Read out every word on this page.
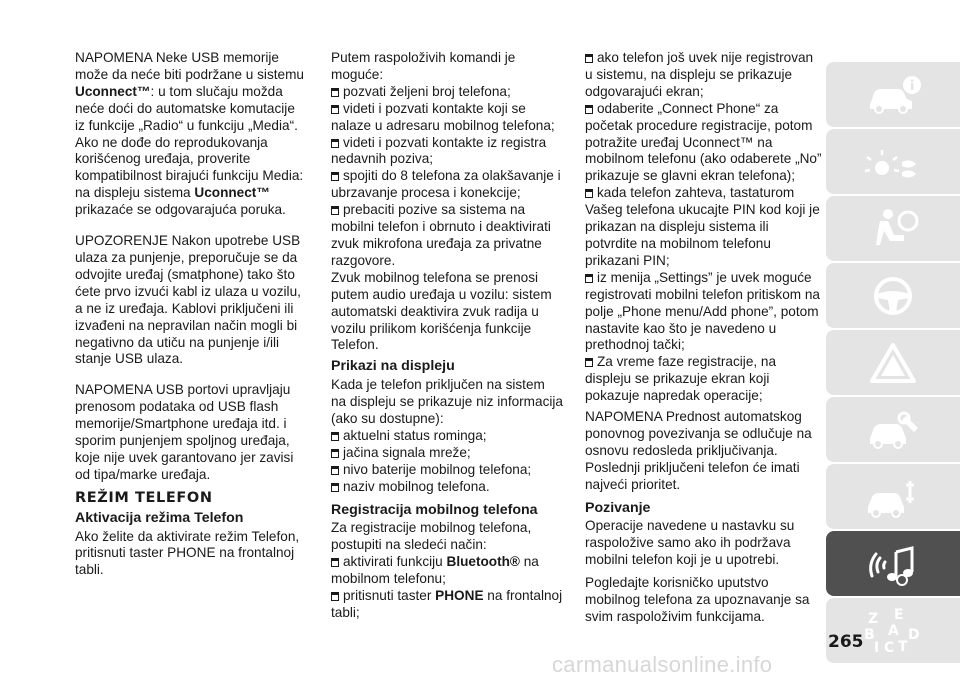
NAPOMENA Neke USB memorije može da neće biti podržane u sistemu Uconnect™: u tom slučaju možda neće doći do automatske komutacije iz funkcije „Radio“ u funkciju „Media“. Ako ne dođe do reprodukovanja korišćenog uređaja, proverite kompatibilnost birajući funkciju Media: na displeju sistema Uconnect™ prikazaće se odgovarajuća poruka.

UPOZORENJE Nakon upotrebe USB ulaza za punjenje, preporučuje se da odvojite uređaj (smatphone) tako što ćete prvo izvući kabl iz ulaza u vozilu, a ne iz uređaja. Kablovi priključeni ili izvađeni na nepravilan način mogli bi negativno da utiču na punjenje i/ili stanje USB ulaza.

NAPOMENA USB portovi upravljaju prenosom podataka od USB flash memorije/Smartphone uređaja itd. i sporim punjenjem spoljnog uređaja, koje nije uvek garantovano jer zavisi od tipa/marke uređaja.

REŽIM TELEFON
Aktivacija režima Telefon

Ako želite da aktivirate režim Telefon, pritisnuti taster PHONE na frontalnoj tabli.

Putem raspoloživih komandi je moguće:

pozvati željeni broj telefona;
videti i pozvati kontakte koji se nalaze u adresaru mobilnog telefona;
videti i pozvati kontakte iz registra nedavnih poziva;
spojiti do 8 telefona za olakšavanje i ubrzavanje procesa i konekcije;
prebaciti pozive sa sistema na mobilni telefon i obrnuto i deaktivirati zvuk mikrofona uređaja za privatne razgovore.

Zvuk mobilnog telefona se prenosi putem audio uređaja u vozilu: sistem automatski deaktivira zvuk radija u vozilu prilikom korišćenja funkcije Telefon.

Prikazi na displeju

Kada je telefon priključen na sistem na displeju se prikazuje niz informacija (ako su dostupne):

aktuelni status rominga;
jačina signala mreže;
nivo baterije mobilnog telefona;
naziv mobilnog telefona.
Registracija mobilnog telefona

Za registracije mobilnog telefona, postupiti na sledeći način:

aktivirati funkciju Bluetooth® na mobilnom telefonu;
pritisnuti taster PHONE na frontalnoj tabli;
ako telefon još uvek nije registrovan u sistemu, na displeju se prikazuje odgovarajući ekran;
odaberite „Connect Phone“ za početak procedure registracije, potom potražite uređaj Uconnect™ na mobilnom telefonu (ako odaberete „No” prikazuje se glavni ekran telefona);
kada telefon zahteva, tastaturom Vašeg telefona ukucajte PIN kod koji je prikazan na displeju sistema ili potvrdite na mobilnom telefonu prikazani PIN;
iz menija „Settings” je uvek moguće registrovati mobilni telefon pritiskom na polje „Phone menu/Add phone”, potom nastavite kao što je navedeno u prethodnoj tački;
Za vreme faze registracije, na displeju se prikazuje ekran koji pokazuje napredak operacije;

NAPOMENA Prednost automatskog ponovnog povezivanja se odlučuje na osnovu redosleda priključivanja. Poslednji priključeni telefon će imati najveći prioritet.

Pozivanje

Operacije navedene u nastavku su raspoložive samo ako ih podržava mobilni telefon koji je u upotrebi.

Pogledajte korisničko uputstvo mobilnog telefona za upoznavanje sa svim raspoloživim funkcijama.	Z E
B A
I C T
D
265
carmanualsonline.info
